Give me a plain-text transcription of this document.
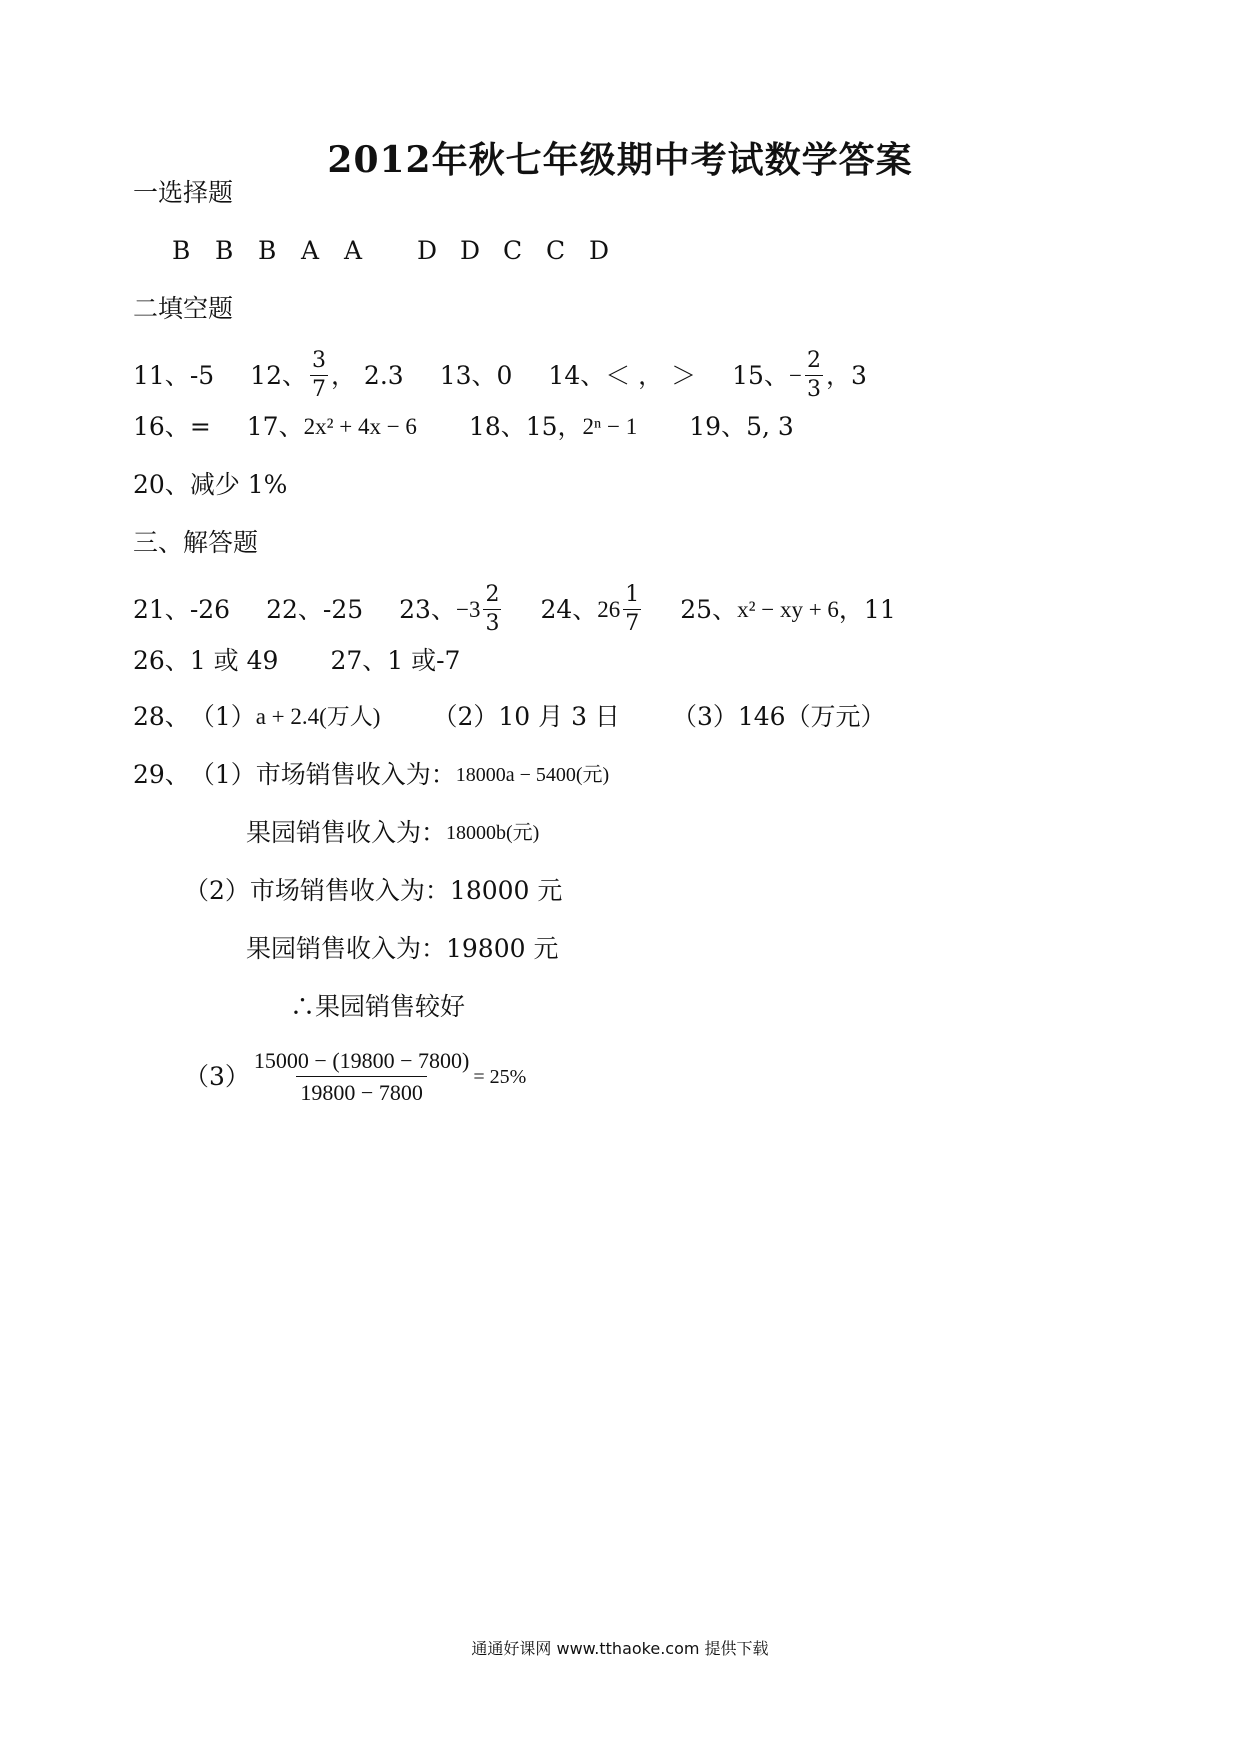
2012年秋七年级期中考试数学答案
一选择题
B B B A A	D D C C D
二填空题
11、 -5 12、 $\frac{3}{7}$ ， 2.3 13、 0 14、 ＜ ， ＞ 15、 − $\frac{2}{3}$ ，3
16、 = 17、 2x² + 4x − 6 18、 15， 2ⁿ − 1 19、 5, 3
20、 减少 1%
三、解答题
21、 -26 22、 -25 23、 $-3 \frac{2}{3} 24$、 $26 \frac{1}{7} 25$、 x² − xy + 6 ，11
26、 1 或 49 27、 1 或-7
28、 （1） a + 2.4(万人) （2） 10 月 3 日 （3） 146（万元）
29、 （1） 市场销售收入为： 18000a − 5400(元)
果园销售收入为： 18000b(元)
（2） 市场销售收入为：18000 元
果园销售收入为：19800 元
∴果园销售较好
$(3) \frac{15000 - (19800 - 7800)}{19800 - 7800} = 25\%$
通通好课网 www.tthaoke.com 提供下载
